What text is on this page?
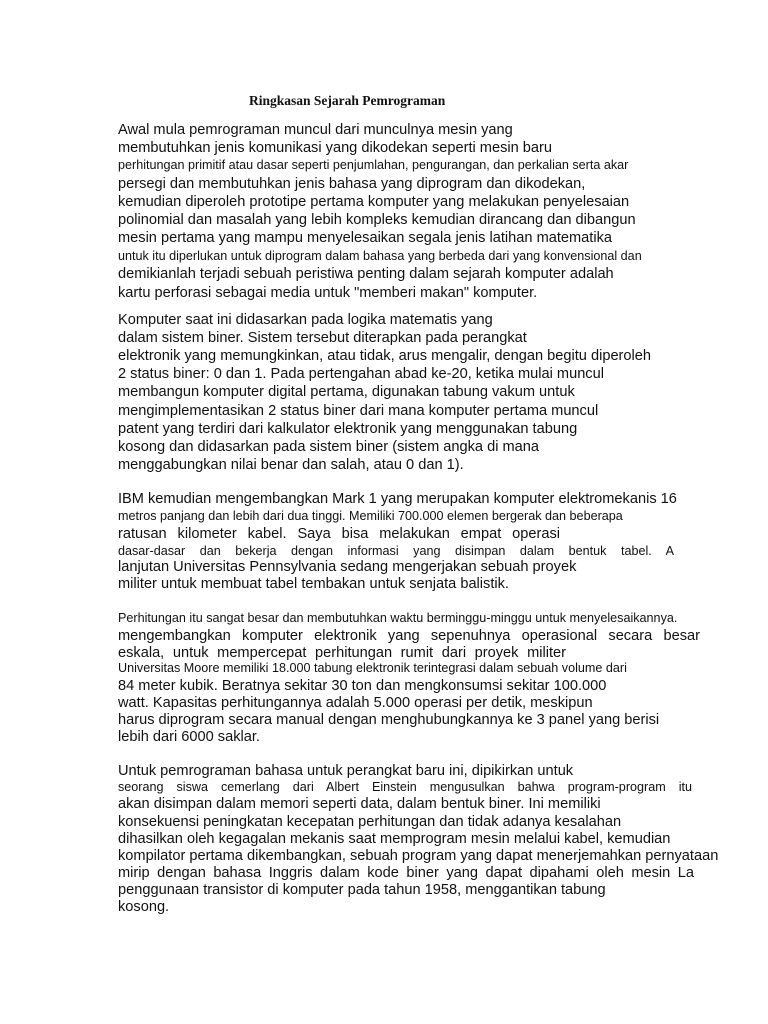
Ringkasan Sejarah Pemrograman
Awal mula pemrograman muncul dari munculnya mesin yang
membutuhkan jenis komunikasi yang dikodekan seperti mesin baru
perhitungan primitif atau dasar seperti penjumlahan, pengurangan, dan perkalian serta akar
persegi dan membutuhkan jenis bahasa yang diprogram dan dikodekan,
kemudian diperoleh prototipe pertama komputer yang melakukan penyelesaian
polinomial dan masalah yang lebih kompleks kemudian dirancang dan dibangun
mesin pertama yang mampu menyelesaikan segala jenis latihan matematika
untuk itu diperlukan untuk diprogram dalam bahasa yang berbeda dari yang konvensional dan
demikianlah terjadi sebuah peristiwa penting dalam sejarah komputer adalah
kartu perforasi sebagai media untuk "memberi makan" komputer.
Komputer saat ini didasarkan pada logika matematis yang
dalam sistem biner. Sistem tersebut diterapkan pada perangkat
elektronik yang memungkinkan, atau tidak, arus mengalir, dengan begitu diperoleh
2 status biner: 0 dan 1. Pada pertengahan abad ke-20, ketika mulai muncul
membangun komputer digital pertama, digunakan tabung vakum untuk
mengimplementasikan 2 status biner dari mana komputer pertama muncul
patent yang terdiri dari kalkulator elektronik yang menggunakan tabung
kosong dan didasarkan pada sistem biner (sistem angka di mana
menggabungkan nilai benar dan salah, atau 0 dan 1).
IBM kemudian mengembangkan Mark 1 yang merupakan komputer elektromekanis 16
metros panjang dan lebih dari dua tinggi. Memiliki 700.000 elemen bergerak dan beberapa
ratusan kilometer kabel. Saya bisa melakukan empat operasi
dasar-dasar dan bekerja dengan informasi yang disimpan dalam bentuk tabel. A
lanjutan Universitas Pennsylvania sedang mengerjakan sebuah proyek
militer untuk membuat tabel tembakan untuk senjata balistik.
Perhitungan itu sangat besar dan membutuhkan waktu berminggu-minggu untuk menyelesaikannya.
mengembangkan komputer elektronik yang sepenuhnya operasional secara besar
eskala, untuk mempercepat perhitungan rumit dari proyek militer
Universitas Moore memiliki 18.000 tabung elektronik terintegrasi dalam sebuah volume dari
84 meter kubik. Beratnya sekitar 30 ton dan mengkonsumsi sekitar 100.000
watt. Kapasitas perhitungannya adalah 5.000 operasi per detik, meskipun
harus diprogram secara manual dengan menghubungkannya ke 3 panel yang berisi
lebih dari 6000 saklar.
Untuk pemrograman bahasa untuk perangkat baru ini, dipikirkan untuk
seorang siswa cemerlang dari Albert Einstein mengusulkan bahwa program-program itu
akan disimpan dalam memori seperti data, dalam bentuk biner. Ini memiliki
konsekuensi peningkatan kecepatan perhitungan dan tidak adanya kesalahan
dihasilkan oleh kegagalan mekanis saat memprogram mesin melalui kabel, kemudian
kompilator pertama dikembangkan, sebuah program yang dapat menerjemahkan pernyataan
mirip dengan bahasa Inggris dalam kode biner yang dapat dipahami oleh mesin La
penggunaan transistor di komputer pada tahun 1958, menggantikan tabung
kosong.
